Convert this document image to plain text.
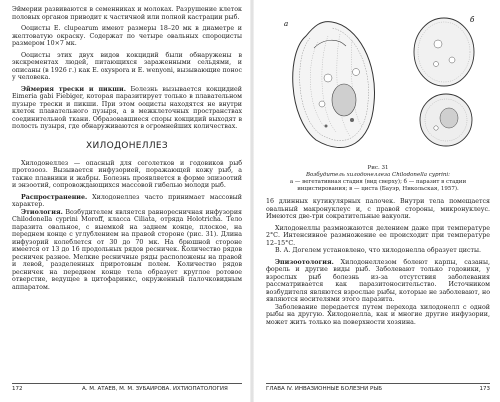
Эймерии развиваются в семенниках и молоках. Разрушение клеток половых органов приводит к частичной или полной кастрации рыб.

Ооцисты E. clupearum имеют размеры 18–20 мк в диаметре и желтоватую окраску. Содержат по четыре овальных спороцисты размером 10×7 мк.

Ооцисты этих двух видов кокцидий были обнаружены в экскрементах людей, питающихся зараженными сельдями, и описаны (в 1926 г.) как E. oxyspora и E. wenyoni, вызывающие понос у человека.

Эймерия трески и пикши. Болезнь вызывается кокцидией Eimeria gabi Fiebiger, которая паразитирует только в плавательном пузыре трески и пикши. При этом ооцисты находятся не внутри клеток плавательного пузыря, а в межклеточных пространствах соединительной ткани. Образовавшиеся споры кокцидий выходят в полость пузыря, где обнаруживаются в огромнейших количествах.

ХИЛОДОНЕЛЛЕЗ

Хилодонеллез — опасный для сеголетков и годовиков рыб протозооз. Вызывается инфузорией, поражающей кожу рыб, а также плавники и жабры. Болезнь проявляется в форме эпизоотий и энзоотий, сопровождающихся массовой гибелью молоди рыб.

Распространение. Хилодонеллез часто принимает массовый характер.

Этиология. Возбудителем является равноресничная инфузория Chilodonella cyprini Moroff, класса Ciliata, отряда Holotricha. Тело паразита овальное, с выемкой на заднем конце, плоское, на переднем конце с углублением на правой стороне (рис. 31). Длина инфузорий колеблется от 30 до 70 мк. На брюшной стороне имеется от 13 до 16 продольных рядов ресничек. Количество рядов ресничек разное. Мелкие ресничные ряды расположены на правой и левой, разделенных приротовым полем. Количество рядов ресничек на переднем конце тела образует круглое ротовое отверстие, ведущее в цитофаринкс, окруженный палочковидным аппаратом.

172	А. М. АТАЕВ, М. М. ЗУБАИРОВА. ИХТИОПАТОЛОГИЯ
а	б
Рис. 31
Возбудитель хилодонеллеза Chilodonella cyprini:
а — вегетативная стадия (вид сверху); б — паразит в стадии инцистирования; в — циста (Бауэр, Никольская, 1957).

16 длинных кутикулярных палочек. Внутри тела помещается овальный макронуклеус и, с правой стороны, микронуклеус. Имеются две-три сократительные вакуоли.

Хилодонеллы размножаются делением даже при температуре 2°С. Интенсивное размножение ее происходит при температуре 12–15°С.

В. А. Догелем установлено, что хилодонелла образует цисты.

Эпизоотология. Хилодонеллезом болеют карпы, сазаны, форель и другие виды рыб. Заболевают только годовики, у взрослых рыб болезнь из-за отсутствия заболевания рассматривается как паразитоносительство. Источником возбудителя являются взрослые рыбы, которые не заболевают, но являются носителями этого паразита.

Заболевание передается путем перехода хилодонелл с одной рыбы на другую. Хилодонелла, как и многие другие инфузории, может жить только на поверхности хозяина.

ГЛАВА IV. ИНВАЗИОННЫЕ БОЛЕЗНИ РЫБ	173
